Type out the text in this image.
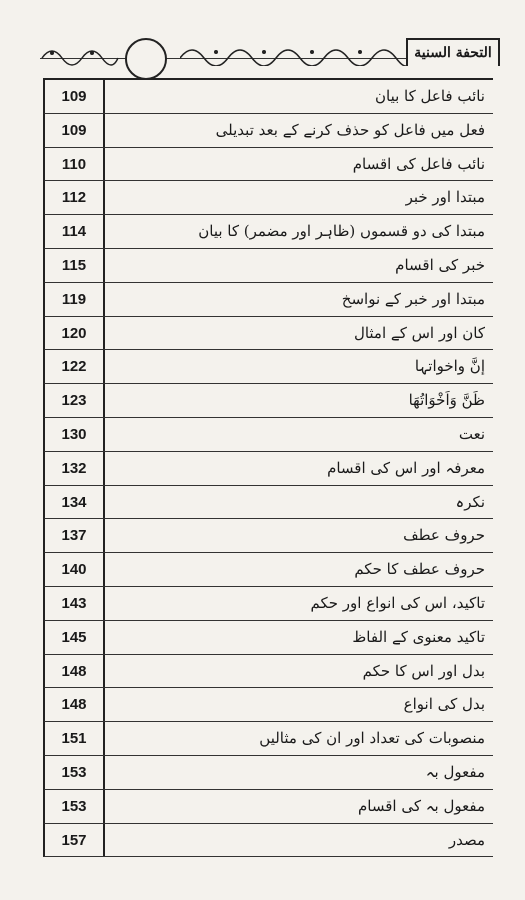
التحفة السنية
109	نائب فاعل کا بیان
109	فعل میں فاعل کو حذف کرنے کے بعد تبدیلی
110	نائب فاعل کی اقسام
112	مبتدا اور خبر
114	مبتدا کی دو قسموں (ظاہر اور مضمر) کا بیان
115	خبر کی اقسام
119	مبتدا اور خبر کے نواسخ
120	کان اور اس کے امثال
122	إنَّ واخواتہا
123	ظَنَّ وَاَخْوَاتُهَا
130	نعت
132	معرفہ اور اس کی اقسام
134	نکرہ
137	حروف عطف
140	حروف عطف کا حکم
143	تاکید، اس کی انواع اور حکم
145	تاکید معنوی کے الفاظ
148	بدل اور اس کا حکم
148	بدل کی انواع
151	منصوبات کی تعداد اور ان کی مثالیں
153	مفعول بہ
153	مفعول بہ کی اقسام
157	مصدر
